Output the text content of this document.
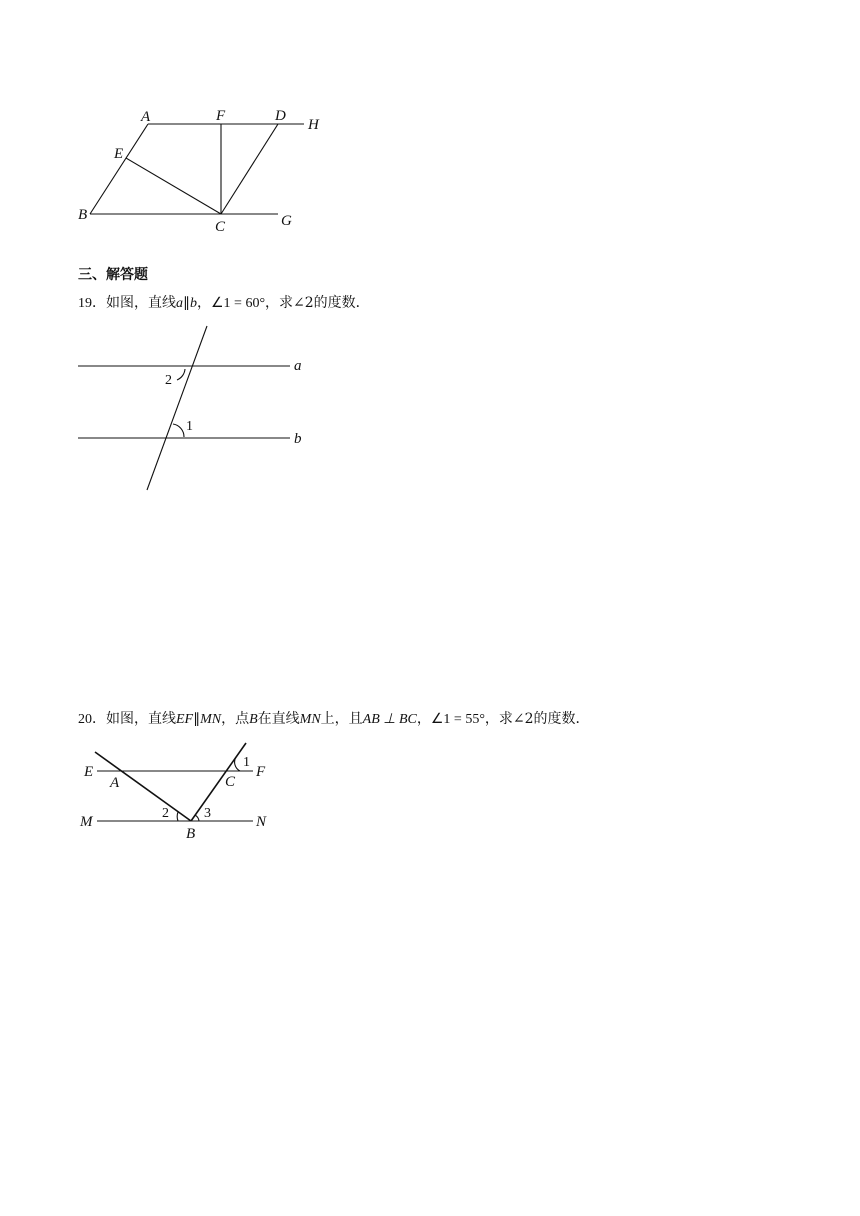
A	F	D
H
E
B
C	G
三、解答题
19．如图，直线a∥b，∠1 = 60°，求∠2的度数．
2
1
a
b
20．如图，直线EF∥MN，点B在直线MN上，且AB ⊥ BC，∠1 = 55°，求∠2的度数．
E
A	C
F
M
B
N
1
2	3
